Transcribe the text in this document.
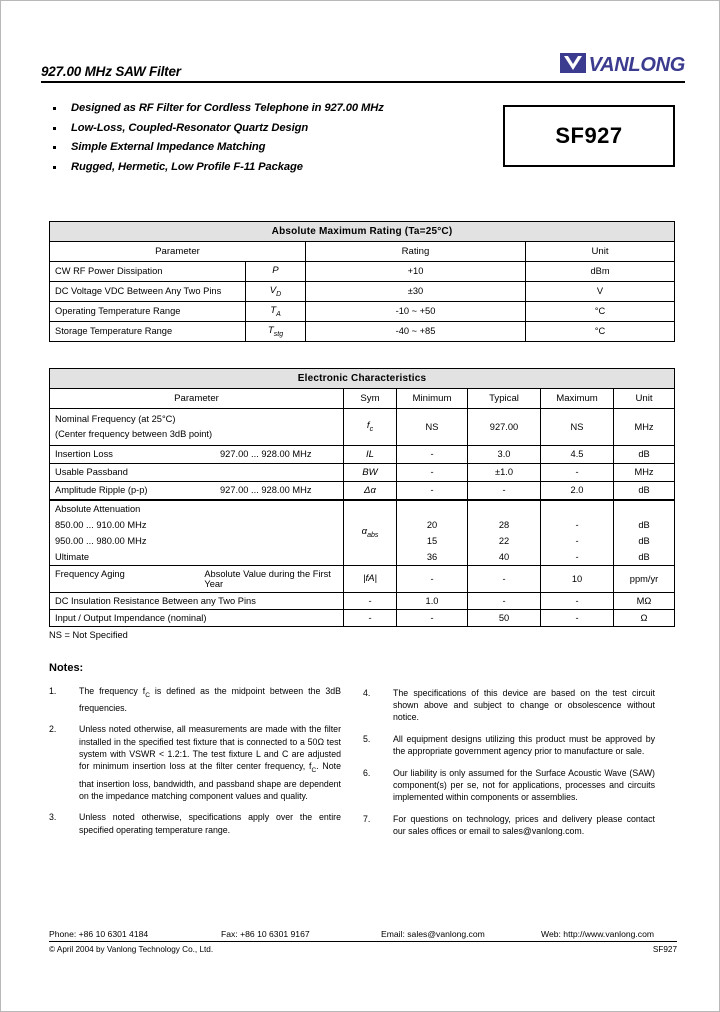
927.00 MHz SAW Filter	VANLONG
Designed as RF Filter for Cordless Telephone in 927.00 MHz
Low-Loss, Coupled-Resonator Quartz Design
Simple External Impedance Matching
Rugged, Hermetic, Low Profile F-11 Package
SF927
Absolute Maximum Rating (Ta=25°C)			
Parameter		Rating	Unit
CW RF Power Dissipation	P	+10	dBm
DC Voltage VDC Between Any Two Pins	$V_D$	±30	V
Operating Temperature Range	$T_A$	-10 ~ +50	°C
Storage Temperature Range	$T_{stg}$	-40 ~ +85	°C
Electronic Characteristics					
Parameter	Sym	Minimum	Typical	Maximum	Unit

Nominal Frequency (at 25°C)
(Center frequency between 3dB point)	$f_c$	NS	927.00	NS	MHz

Insertion Loss 927.00 ... 928.00 MHz	IL	-	3.0	4.5	dB
Usable Passband	BW	-	±1.0	-	MHz

Amplitude Ripple (p-p) 927.00 ... 928.00 MHz	Δα	-	-	2.0	dB
Absolute Attenuation	$\alpha_{abs}$				
850.00 ... 910.00 MHz		20	28	-	dB
950.00 ... 980.00 MHz		15	22	-	dB
Ultimate		36	40	-	dB

Frequency Aging Absolute Value during the First Year	|fA|	-	-	10	ppm/yr
DC Insulation Resistance Between any Two Pins	-	1.0	-	-	MΩ
Input / Output Impendance (nominal)	-	-	50	-	Ω
NS = Not Specified
Notes:
1.	The frequency $f_C$ is defined as the midpoint between the 3dB frequencies.
2.	Unless noted otherwise, all measurements are made with the filter installed in the specified test fixture that is connected to a 50Ω test system with VSWR < 1.2:1. The test fixture L and C are adjusted for minimum insertion loss at the filter center frequency, $f_C$. Note that insertion loss, bandwidth, and passband shape are dependent on the impedance matching component values and quality.
3.	Unless noted otherwise, specifications apply over the entire specified operating temperature range.
4.	The specifications of this device are based on the test circuit shown above and subject to change or obsolescence without notice.
5.	All equipment designs utilizing this product must be approved by the appropriate government agency prior to manufacture or sale.
6.	Our liability is only assumed for the Surface Acoustic Wave (SAW) component(s) per se, not for applications, processes and circuits implemented within components or assemblies.
7.	For questions on technology, prices and delivery please contact our sales offices or email to sales@vanlong.com.
Phone: +86 10 6301 4184	Fax: +86 10 6301 9167	Email: sales@vanlong.com	Web: http://www.vanlong.com
© April 2004 by Vanlong Technology Co., Ltd.	SF927
